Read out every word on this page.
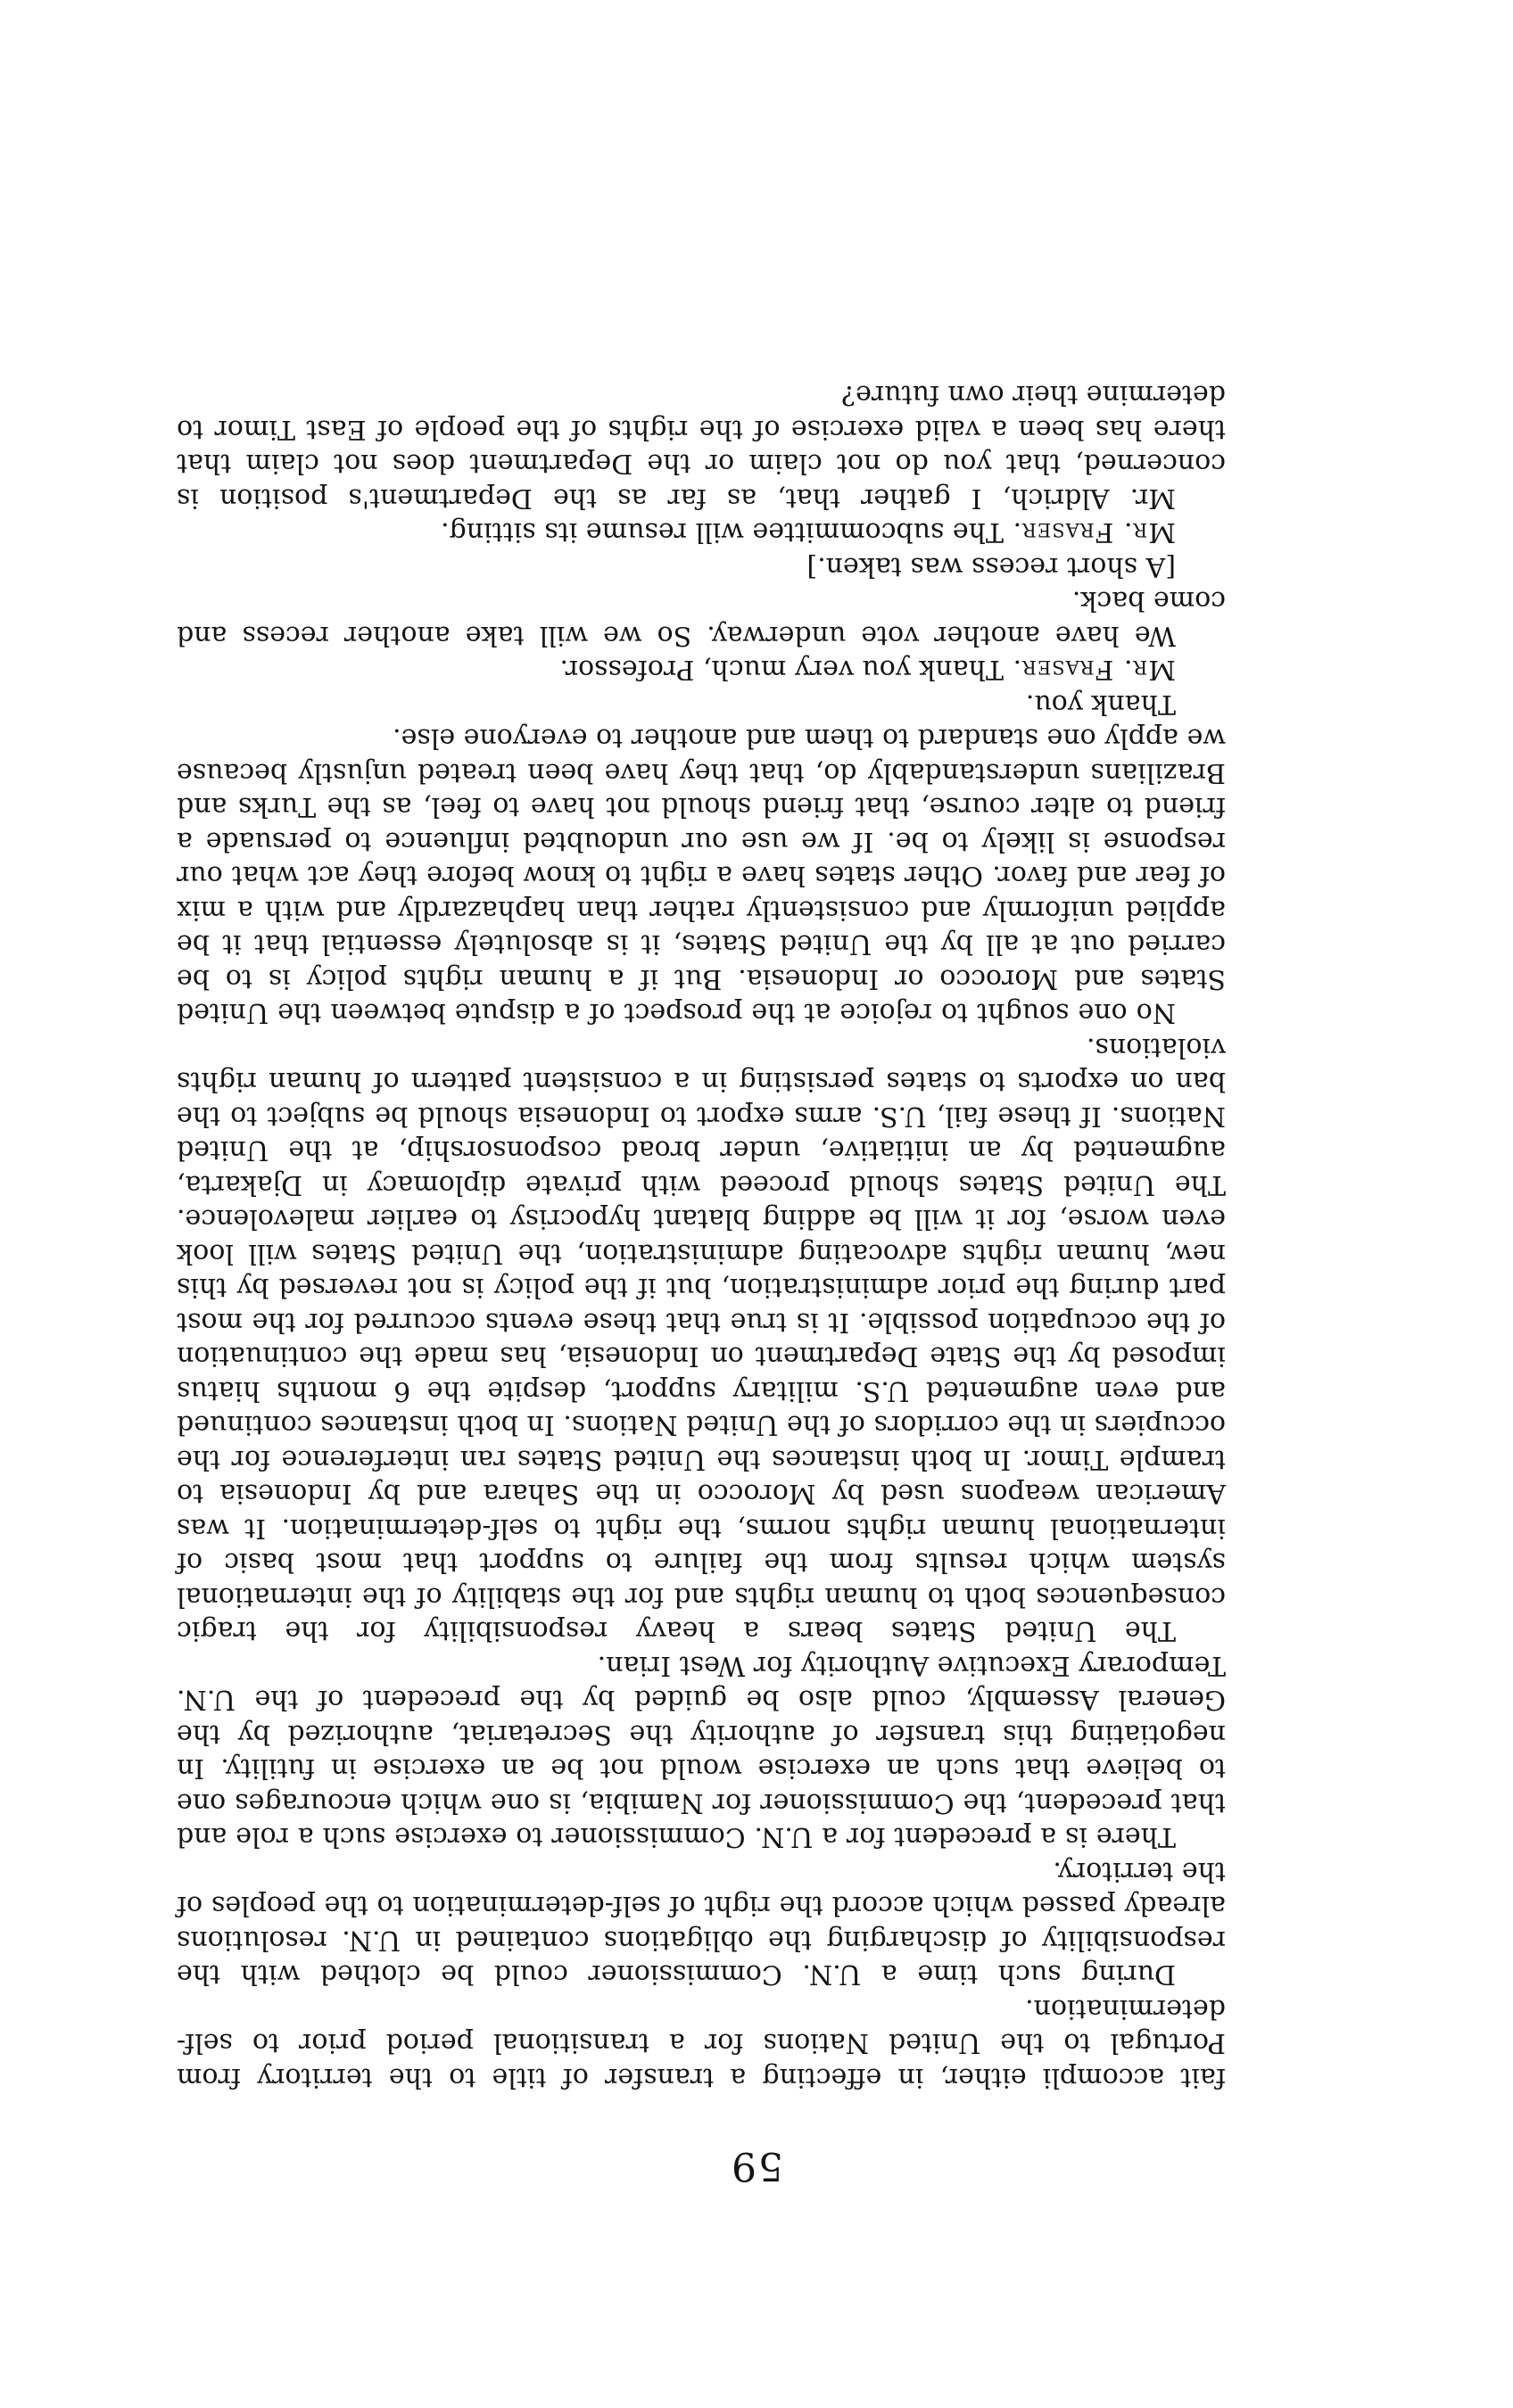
59

fait accompli either, in effecting a transfer of title to the territory from Portugal to the United Nations for a transitional period prior to self-determination.

During such time a U.N. Commissioner could be clothed with the responsibility of discharging the obligations contained in U.N. resolutions already passed which accord the right of self-determination to the peoples of the territory.

There is a precedent for a U.N. Commissioner to exercise such a role and that precedent, the Commissioner for Namibia, is one which encourages one to believe that such an exercise would not be an exercise in futility. In negotiating this transfer of authority the Secretariat, authorized by the General Assembly, could also be guided by the precedent of the U.N. Temporary Executive Authority for West Irian.

The United States bears a heavy responsibility for the tragic consequences both to human rights and for the stability of the international system which results from the failure to support that most basic of international human rights norms, the right to self-determination. It was American weapons used by Morocco in the Sahara and by Indonesia to trample Timor. In both instances the United States ran interference for the occupiers in the corridors of the United Nations. In both instances continued and even augmented U.S. military support, despite the 6 months hiatus imposed by the State Department on Indonesia, has made the continuation of the occupation possible. It is true that these events occurred for the most part during the prior administration, but if the policy is not reversed by this new, human rights advocating administration, the United States will look even worse, for it will be adding blatant hypocrisy to earlier malevolence. The United States should proceed with private diplomacy in Djakarta, augmented by an initiative, under broad cosponsorship, at the United Nations. If these fail, U.S. arms export to Indonesia should be subject to the ban on exports to states persisting in a consistent pattern of human rights violations.

No one sought to rejoice at the prospect of a dispute between the United States and Morocco or Indonesia. But if a human rights policy is to be carried out at all by the United States, it is absolutely essential that it be applied uniformly and consistently rather than haphazardly and with a mix of fear and favor. Other states have a right to know before they act what our response is likely to be. If we use our undoubted influence to persuade a friend to alter course, that friend should not have to feel, as the Turks and Brazilians understandably do, that they have been treated unjustly because we apply one standard to them and another to everyone else.

Thank you.

Mr. Fraser. Thank you very much, Professor.

We have another vote underway. So we will take another recess and come back.

[A short recess was taken.]

Mr. Fraser. The subcommittee will resume its sitting.

Mr. Aldrich, I gather that, as far as the Department's position is concerned, that you do not claim or the Department does not claim that there has been a valid exercise of the rights of the people of East Timor to determine their own future?
